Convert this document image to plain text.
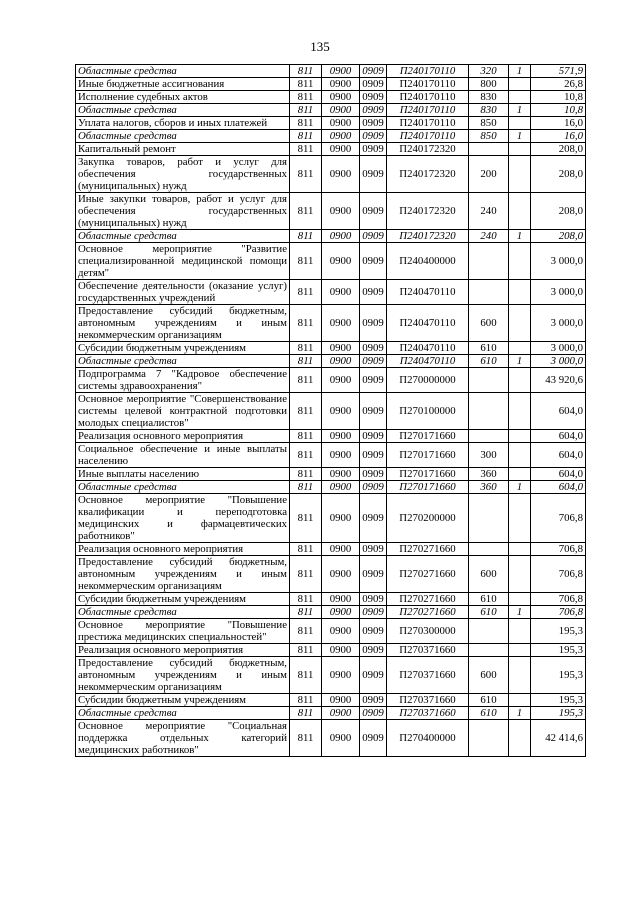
135
Областные средства	811	0900	0909	П240170110	320	1	571,9
Иные бюджетные ассигнования	811	0900	0909	П240170110	800		26,8
Исполнение судебных актов	811	0900	0909	П240170110	830		10,8
Областные средства	811	0900	0909	П240170110	830	1	10,8
Уплата налогов, сборов и иных платежей	811	0900	0909	П240170110	850		16,0
Областные средства	811	0900	0909	П240170110	850	1	16,0
Капитальный ремонт	811	0900	0909	П240172320			208,0
Закупка товаров, работ и услуг для обеспечения государственных (муниципальных) нужд	811	0900	0909	П240172320	200		208,0
Иные закупки товаров, работ и услуг для обеспечения государственных (муниципальных) нужд	811	0900	0909	П240172320	240		208,0
Областные средства	811	0900	0909	П240172320	240	1	208,0
Основное мероприятие "Развитие специализированной медицинской помощи детям"	811	0900	0909	П240400000			3 000,0
Обеспечение деятельности (оказание услуг) государственных учреждений	811	0900	0909	П240470110			3 000,0
Предоставление субсидий бюджетным, автономным учреждениям и иным некоммерческим организациям	811	0900	0909	П240470110	600		3 000,0
Субсидии бюджетным учреждениям	811	0900	0909	П240470110	610		3 000,0
Областные средства	811	0900	0909	П240470110	610	1	3 000,0
Подпрограмма 7 "Кадровое обеспечение системы здравоохранения"	811	0900	0909	П270000000			43 920,6
Основное мероприятие "Совершенствование системы целевой контрактной подготовки молодых специалистов"	811	0900	0909	П270100000			604,0
Реализация основного мероприятия	811	0900	0909	П270171660			604,0
Социальное обеспечение и иные выплаты населению	811	0900	0909	П270171660	300		604,0
Иные выплаты населению	811	0900	0909	П270171660	360		604,0
Областные средства	811	0900	0909	П270171660	360	1	604,0
Основное мероприятие "Повышение квалификации и переподготовка медицинских и фармацевтических работников"	811	0900	0909	П270200000			706,8
Реализация основного мероприятия	811	0900	0909	П270271660			706,8
Предоставление субсидий бюджетным, автономным учреждениям и иным некоммерческим организациям	811	0900	0909	П270271660	600		706,8
Субсидии бюджетным учреждениям	811	0900	0909	П270271660	610		706,8
Областные средства	811	0900	0909	П270271660	610	1	706,8
Основное мероприятие "Повышение престижа медицинских специальностей"	811	0900	0909	П270300000			195,3
Реализация основного мероприятия	811	0900	0909	П270371660			195,3
Предоставление субсидий бюджетным, автономным учреждениям и иным некоммерческим организациям	811	0900	0909	П270371660	600		195,3
Субсидии бюджетным учреждениям	811	0900	0909	П270371660	610		195,3
Областные средства	811	0900	0909	П270371660	610	1	195,3
Основное мероприятие "Социальная поддержка отдельных категорий медицинских работников"	811	0900	0909	П270400000			42 414,6
